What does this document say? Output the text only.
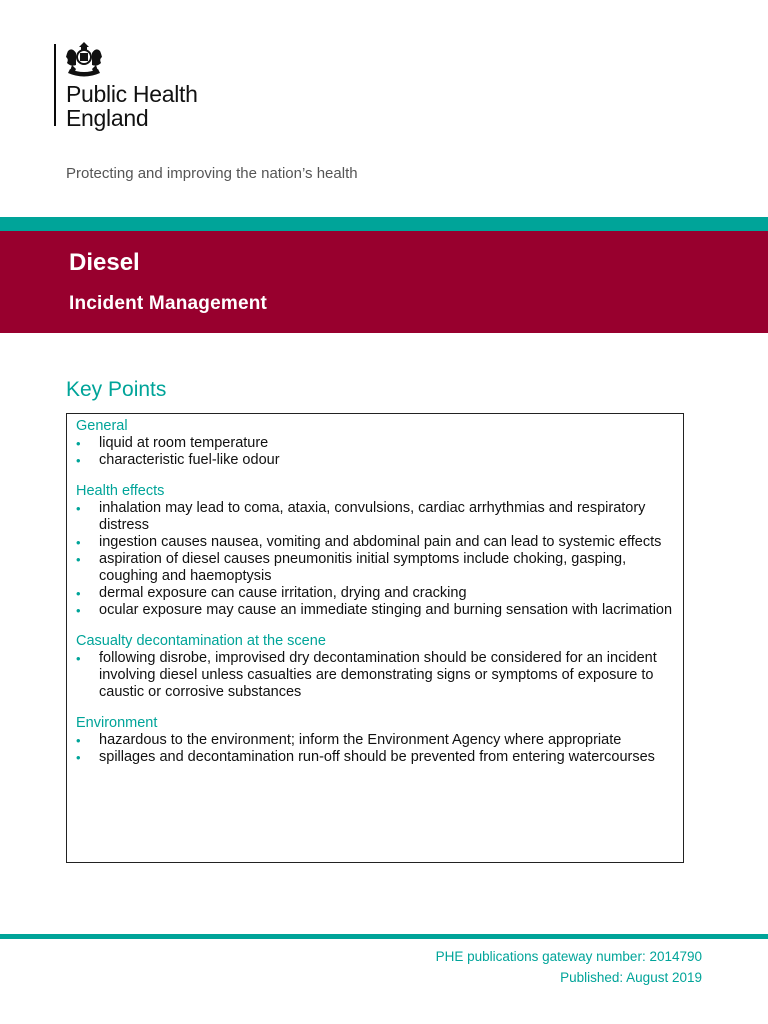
Public Health
England
Protecting and improving the nation’s health
Diesel
Incident Management
Key Points
General
• liquid at room temperature
• characteristic fuel-like odour
Health effects
• inhalation may lead to coma, ataxia, convulsions, cardiac arrhythmias and respiratory distress
• ingestion causes nausea, vomiting and abdominal pain and can lead to systemic effects
• aspiration of diesel causes pneumonitis initial symptoms include choking, gasping, coughing and haemoptysis
• dermal exposure can cause irritation, drying and cracking
• ocular exposure may cause an immediate stinging and burning sensation with lacrimation
Casualty decontamination at the scene
• following disrobe, improvised dry decontamination should be considered for an incident involving diesel unless casualties are demonstrating signs or symptoms of exposure to caustic or corrosive substances
Environment
• hazardous to the environment; inform the Environment Agency where appropriate
• spillages and decontamination run-off should be prevented from entering watercourses
PHE publications gateway number: 2014790
Published: August 2019
